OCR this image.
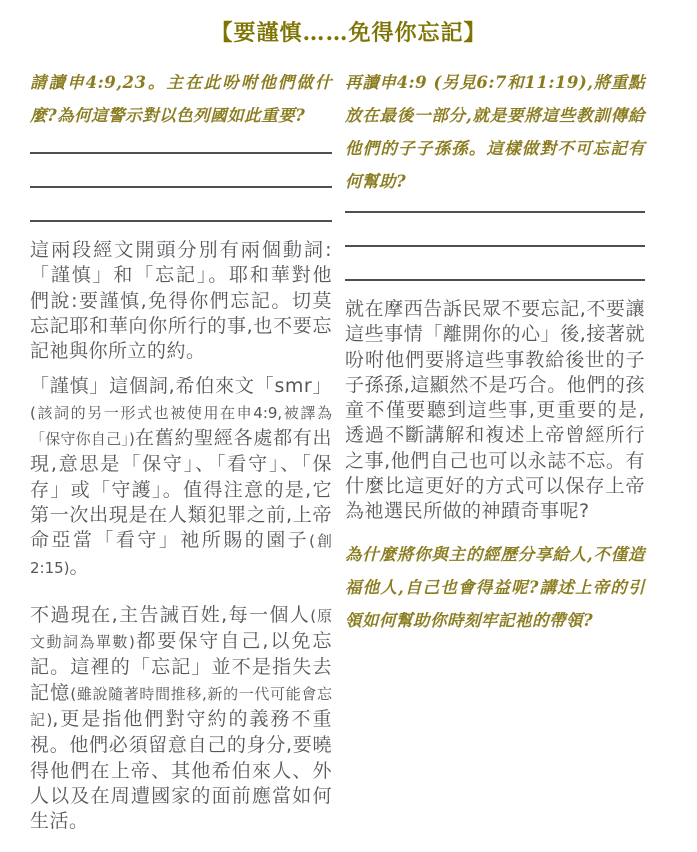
【要謹慎……免得你忘記】
請讀申4:9,23。主在此吩咐他們做什麼?為何這警示對以色列國如此重要?

這兩段經文開頭分別有兩個動詞:「謹慎」和「忘記」。耶和華對他們說:要謹慎,免得你們忘記。切莫忘記耶和華向你所行的事,也不要忘記祂與你所立的約。

「謹慎」這個詞,希伯來文「smr」(該詞的另一形式也被使用在申4:9,被譯為「保守你自己」)在舊約聖經各處都有出現,意思是「保守」、「看守」、「保存」或「守護」。值得注意的是,它第一次出現是在人類犯罪之前,上帝命亞當「看守」祂所賜的園子(創2:15)。

不過現在,主告誡百姓,每一個人(原文動詞為單數)都要保守自己,以免忘記。這裡的「忘記」並不是指失去記憶(雖說隨著時間推移,新的一代可能會忘記),更是指他們對守約的義務不重視。他們必須留意自己的身分,要曉得他們在上帝、其他希伯來人、外人以及在周遭國家的面前應當如何生活。

再讀申4:9 (另見6:7和11:19),將重點放在最後一部分,就是要將這些教訓傳給他們的子子孫孫。這樣做對不可忘記有何幫助?

就在摩西告訴民眾不要忘記,不要讓這些事情「離開你的心」後,接著就吩咐他們要將這些事教給後世的子子孫孫,這顯然不是巧合。他們的孩童不僅要聽到這些事,更重要的是,透過不斷講解和複述上帝曾經所行之事,他們自己也可以永誌不忘。有什麼比這更好的方式可以保存上帝為祂選民所做的神蹟奇事呢?

為什麼將你與主的經歷分享給人,不僅造福他人,自己也會得益呢?講述上帝的引領如何幫助你時刻牢記祂的帶領?
